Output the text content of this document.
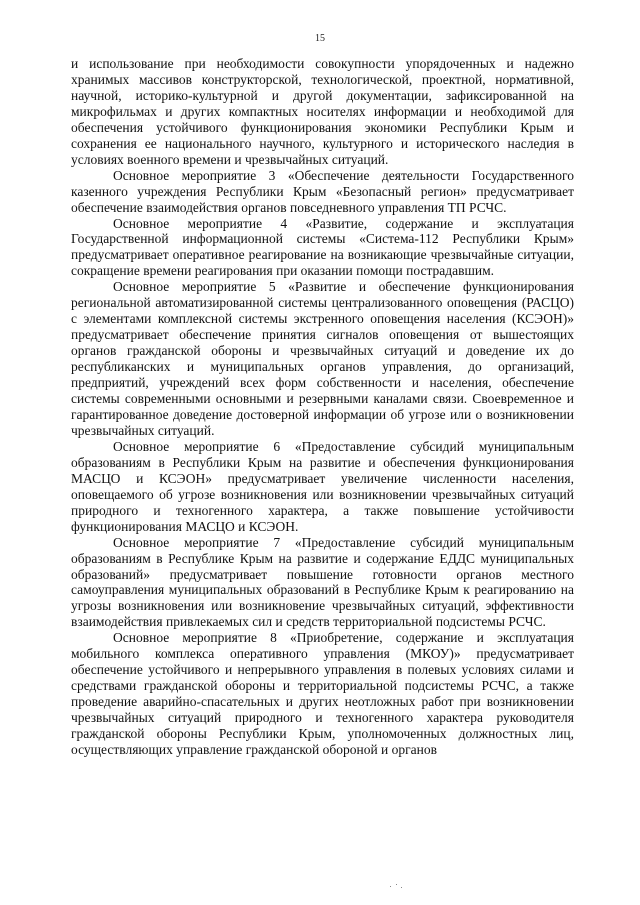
15

и использование при необходимости совокупности упорядоченных и надежно хранимых массивов конструкторской, технологической, проектной, нормативной, научной, историко-культурной и другой документации, зафиксированной на микрофильмах и других компактных носителях информации и необходимой для обеспечения устойчивого функционирования экономики Республики Крым и сохранения ее национального научного, культурного и исторического наследия в условиях военного времени и чрезвычайных ситуаций.

Основное мероприятие 3 «Обеспечение деятельности Государственного казенного учреждения Республики Крым «Безопасный регион» предусматривает обеспечение взаимодействия органов повседневного управления ТП РСЧС.

Основное мероприятие 4 «Развитие, содержание и эксплуатация Государственной информационной системы «Система-112 Республики Крым» предусматривает оперативное реагирование на возникающие чрезвычайные ситуации, сокращение времени реагирования при оказании помощи пострадавшим.

Основное мероприятие 5 «Развитие и обеспечение функционирования региональной автоматизированной системы централизованного оповещения (РАСЦО) с элементами комплексной системы экстренного оповещения населения (КСЭОН)» предусматривает обеспечение принятия сигналов оповещения от вышестоящих органов гражданской обороны и чрезвычайных ситуаций и доведение их до республиканских и муниципальных органов управления, до организаций, предприятий, учреждений всех форм собственности и населения, обеспечение системы современными основными и резервными каналами связи. Своевременное и гарантированное доведение достоверной информации об угрозе или о возникновении чрезвычайных ситуаций.

Основное мероприятие 6 «Предоставление субсидий муниципальным образованиям в Республики Крым на развитие и обеспечения функционирования МАСЦО и КСЭОН» предусматривает увеличение численности населения, оповещаемого об угрозе возникновения или возникновении чрезвычайных ситуаций природного и техногенного характера, а также повышение устойчивости функционирования МАСЦО и КСЭОН.

Основное мероприятие 7 «Предоставление субсидий муниципальным образованиям в Республике Крым на развитие и содержание ЕДДС муниципальных образований» предусматривает повышение готовности органов местного самоуправления муниципальных образований в Республике Крым к реагированию на угрозы возникновения или возникновение чрезвычайных ситуаций, эффективности взаимодействия привлекаемых сил и средств территориальной подсистемы РСЧС.

Основное мероприятие 8 «Приобретение, содержание и эксплуатация мобильного комплекса оперативного управления (МКОУ)» предусматривает обеспечение устойчивого и непрерывного управления в полевых условиях силами и средствами гражданской обороны и территориальной подсистемы РСЧС, а также проведение аварийно-спасательных и других неотложных работ при возникновении чрезвычайных ситуаций природного и техногенного характера руководителя гражданской обороны Республики Крым, уполномоченных должностных лиц, осуществляющих управление гражданской обороной и органов
